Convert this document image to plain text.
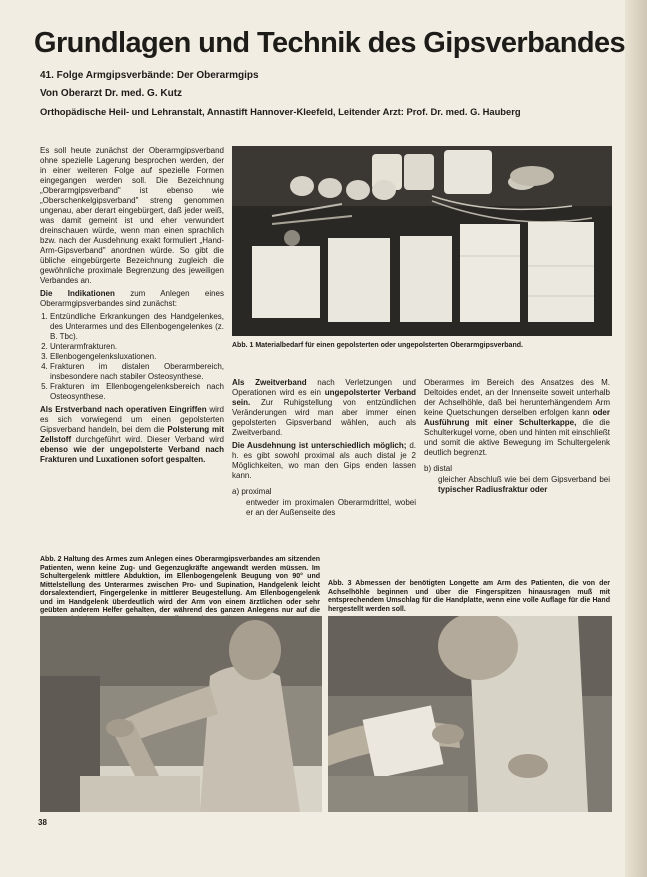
Grundlagen und Technik des Gipsverbandes
41. Folge Armgipsverbände: Der Oberarmgips
Von Oberarzt Dr. med. G. Kutz
Orthopädische Heil- und Lehranstalt, Annastift Hannover-Kleefeld, Leitender Arzt: Prof. Dr. med. G. Hauberg

Es soll heute zunächst der Oberarmgipsverband ohne spezielle Lagerung besprochen werden, der in einer weiteren Folge auf spezielle Formen eingegangen werden soll. Die Bezeichnung „Oberarmgipsverband" ist ebenso wie „Oberschenkelgipsverband" streng genommen ungenau, aber derart eingebürgert, daß jeder weiß, was damit gemeint ist und eher verwundert dreinschauen würde, wenn man einen sprachlich bzw. nach der Ausdehnung exakt formuliert „Hand-Arm-Gipsverband" anordnen würde. So gibt die übliche eingebürgerte Bezeichnung zugleich die gewöhnliche proximale Begrenzung des jeweiligen Verbandes an.

Die Indikationen zum Anlegen eines Oberarmgipsverbandes sind zunächst:

1. Entzündliche Erkrankungen des Handgelenkes, des Unterarmes und des Ellenbogengelenkes (z. B. Tbc).
2. Unterarmfrakturen.
3. Ellenbogengelenksluxationen.
4. Frakturen im distalen Oberarmbereich, insbesondere nach stabiler Osteosynthese.
5. Frakturen im Ellenbogengelenksbereich nach Osteosynthese.

Als Erstverband nach operativen Eingriffen wird es sich vorwiegend um einen gepolsterten Gipsverband handeln, bei dem die Polsterung mit Zellstoff durchgeführt wird. Dieser Verband wird ebenso wie der ungepolsterte Verband nach Frakturen und Luxationen sofort gespalten.

Abb. 1 Materialbedarf für einen gepolsterten oder ungepolsterten Oberarmgipsverband.

Als Zweitverband nach Verletzungen und Operationen wird es ein ungepolsterter Verband sein. Zur Ruhigstellung von entzündlichen Veränderungen wird man aber immer einen gepolsterten Gipsverband wählen, auch als Zweitverband.

Die Ausdehnung ist unterschiedlich möglich; d. h. es gibt sowohl proximal als auch distal je 2 Möglichkeiten, wo man den Gips enden lassen kann.

a) proximal

entweder im proximalen Oberarmdrittel, wobei er an der Außenseite des

Oberarmes im Bereich des Ansatzes des M. Deltoides endet, an der Innenseite soweit unterhalb der Achselhöhle, daß bei herunterhängendem Arm keine Quetschungen derselben erfolgen kann oder Ausführung mit einer Schulterkappe, die die Schulterkugel vorne, oben und hinten mit einschließt und somit die aktive Bewegung im Schultergelenk deutlich begrenzt.

b) distal

gleicher Abschluß wie bei dem Gipsverband bei typischer Radiusfraktur oder

Abb. 2 Haltung des Armes zum Anlegen eines Oberarmgipsverbandes am sitzenden Patienten, wenn keine Zug- und Gegenzugkräfte angewandt werden müssen. Im Schultergelenk mittlere Abduktion, im Ellenbogengelenk Beugung von 90° und Mittelstellung des Unterarmes zwischen Pro- und Supination, Handgelenk leicht dorsalextendiert, Fingergelenke in mittlerer Beugestellung. Am Ellenbogengelenk und im Handgelenk überdeutlich wird der Arm von einem ärztlichen oder sehr geübten anderem Helfer gehalten, der während des ganzen Anlegens nur auf die
Abb. 3 Abmessen der benötigten Longette am Arm des Patienten, die von der Achselhöhle beginnen und über die Fingerspitzen hinausragen muß mit entsprechendem Umschlag für die Handplatte, wenn eine volle Auflage für die Hand hergestellt werden soll.
38
